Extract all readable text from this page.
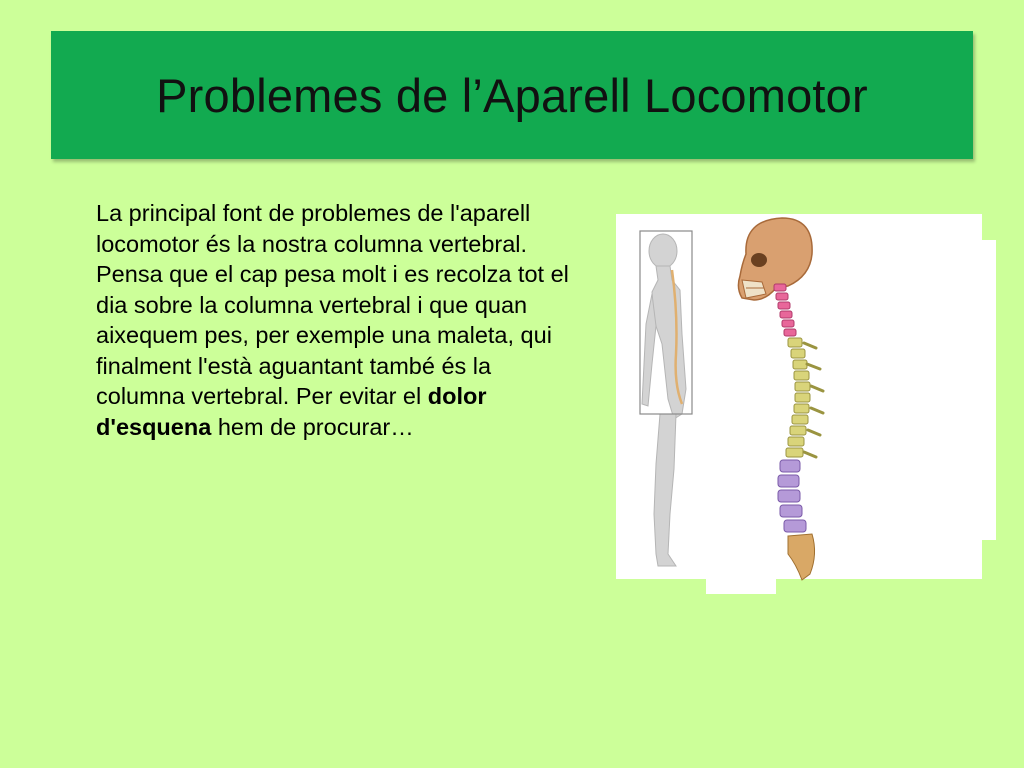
Problemes de l’Aparell Locomotor
La principal font de problemes de l'aparell locomotor és la nostra columna vertebral. Pensa que el cap pesa molt i es recolza tot el dia sobre la columna vertebral i que quan aixequem pes, per exemple una maleta, qui finalment l'està aguantant també és la columna vertebral. Per evitar el dolor d'esquena hem de procurar…
